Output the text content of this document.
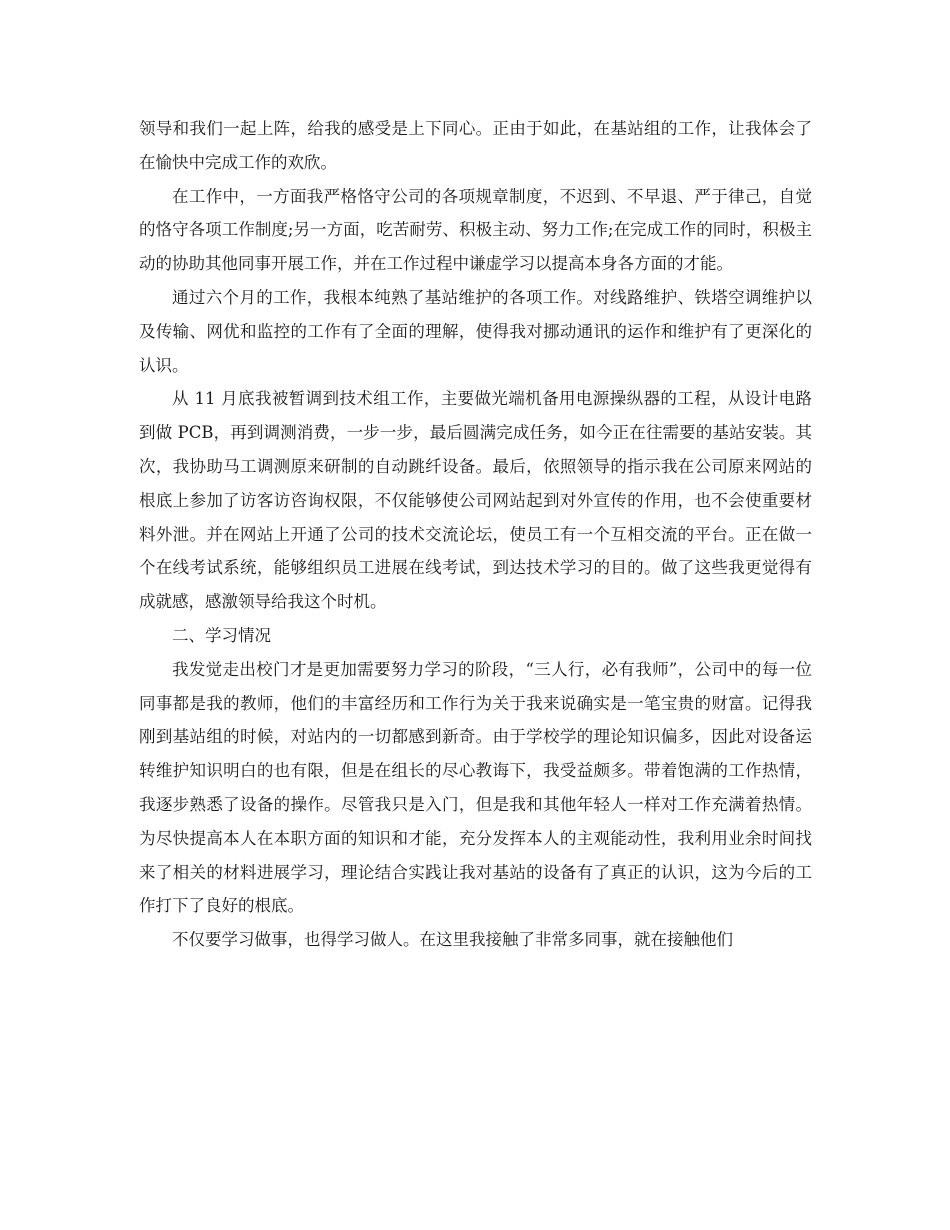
领导和我们一起上阵，给我的感受是上下同心。正由于如此，在基站组的工作，让我体会了在愉快中完成工作的欢欣。

在工作中，一方面我严格恪守公司的各项规章制度，不迟到、不早退、严于律己，自觉的恪守各项工作制度;另一方面，吃苦耐劳、积极主动、努力工作;在完成工作的同时，积极主动的协助其他同事开展工作，并在工作过程中谦虚学习以提高本身各方面的才能。

通过六个月的工作，我根本纯熟了基站维护的各项工作。对线路维护、铁塔空调维护以及传输、网优和监控的工作有了全面的理解，使得我对挪动通讯的运作和维护有了更深化的认识。

从 11 月底我被暂调到技术组工作，主要做光端机备用电源操纵器的工程，从设计电路到做 PCB，再到调测消费，一步一步，最后圆满完成任务，如今正在往需要的基站安装。其次，我协助马工调测原来研制的自动跳纤设备。最后，依照领导的指示我在公司原来网站的根底上参加了访客访咨询权限，不仅能够使公司网站起到对外宣传的作用，也不会使重要材料外泄。并在网站上开通了公司的技术交流论坛，使员工有一个互相交流的平台。正在做一个在线考试系统，能够组织员工进展在线考试，到达技术学习的目的。做了这些我更觉得有成就感，感激领导给我这个时机。

二、学习情况

我发觉走出校门才是更加需要努力学习的阶段，“三人行，必有我师”，公司中的每一位同事都是我的教师，他们的丰富经历和工作行为关于我来说确实是一笔宝贵的财富。记得我刚到基站组的时候，对站内的一切都感到新奇。由于学校学的理论知识偏多，因此对设备运转维护知识明白的也有限，但是在组长的尽心教诲下，我受益颇多。带着饱满的工作热情，我逐步熟悉了设备的操作。尽管我只是入门，但是我和其他年轻人一样对工作充满着热情。为尽快提高本人在本职方面的知识和才能，充分发挥本人的主观能动性，我利用业余时间找来了相关的材料进展学习，理论结合实践让我对基站的设备有了真正的认识，这为今后的工作打下了良好的根底。

不仅要学习做事，也得学习做人。在这里我接触了非常多同事，就在接触他们
